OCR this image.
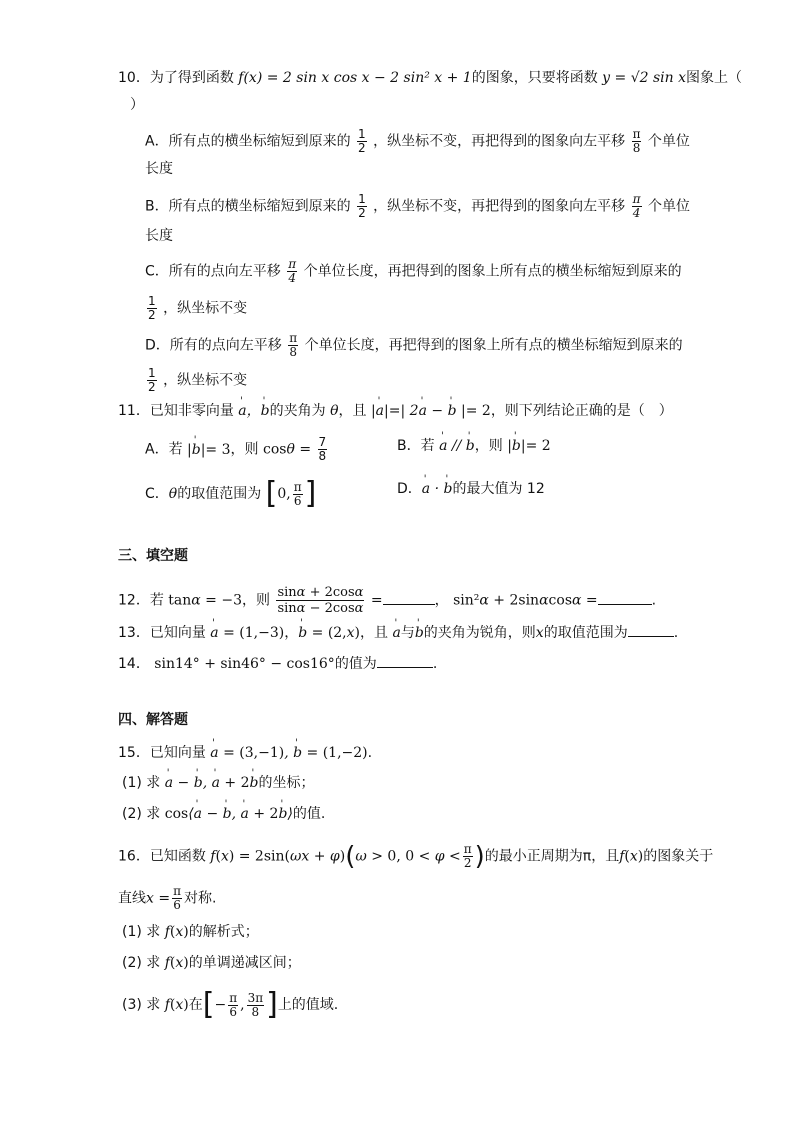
10．为了得到函数 f(x) = 2 sin x cos x − 2 sin² x + 1的图象，只要将函数 y = √2 sin x图象上（
）
A．所有点的横坐标缩短到原来的 $\frac{1}{2}$ ，纵坐标不变，再把得到的图象向左平移 $\frac{\pi}{8}$ 个单位
长度
B．所有点的横坐标缩短到原来的 $\frac{1}{2}$ ，纵坐标不变，再把得到的图象向左平移 $\frac{\pi}{4}$ 个单位
长度
C．所有的点向左平移 $\frac{\pi}{4}$ 个单位长度，再把得到的图象上所有点的横坐标缩短到原来的
$\frac{1}{2}$ ，纵坐标不变
D．所有的点向左平移 $\frac{\pi}{8}$ 个单位长度，再把得到的图象上所有点的横坐标缩短到原来的
$\frac{1}{2}$ ，纵坐标不变
11．已知非零向量 ' a，' b的夹角为 θ，且 |' a|=| 2' a − ' b |= 2，则下列结论正确的是（　）
A．若 |' b|= 3，则 $\cos\theta = \frac{7}{8}$	B．若 ' a // ' b，则 |' b|= 2
C．θ的取值范围为 [0, $\frac{\pi}{6}$ ]	D．' a · ' b的最大值为 12
三、填空题
12．若 tanα = −3，则 $\frac{\sin\alpha + 2\cos\alpha}{\sin\alpha - 2\cos\alpha}$ =	， sin²α + 2sinαcosα =	.
13．已知向量 ' a = (1,−3)，' b = (2,x)，且 ' a与' b的夹角为锐角，则x的取值范围为	.
14． sin14° + sin46° − cos16°的值为	.
四、解答题
15．已知向量 ' a = (3,−1), ' b = (1,−2).
(1) 求 ' a − ' b, ' a + 2' b的坐标；
(2) 求 cos⟨' a − ' b, ' a + 2' b⟩的值.
16．已知函数 f(x) = 2sin(ωx + φ)(ω > 0, $0 < \varphi < \frac{\pi}{2}$ )的最小正周期为π，且f(x)的图象关于
直线$x = \frac{\pi}{6}$ 对称.
(1) 求 f(x)的解析式；
(2) 求 f(x)的单调递减区间；
(3) 求 f(x)在[− $\frac{\pi}{6}$ , $\frac{3\pi}{8}$ ]上的值域.
